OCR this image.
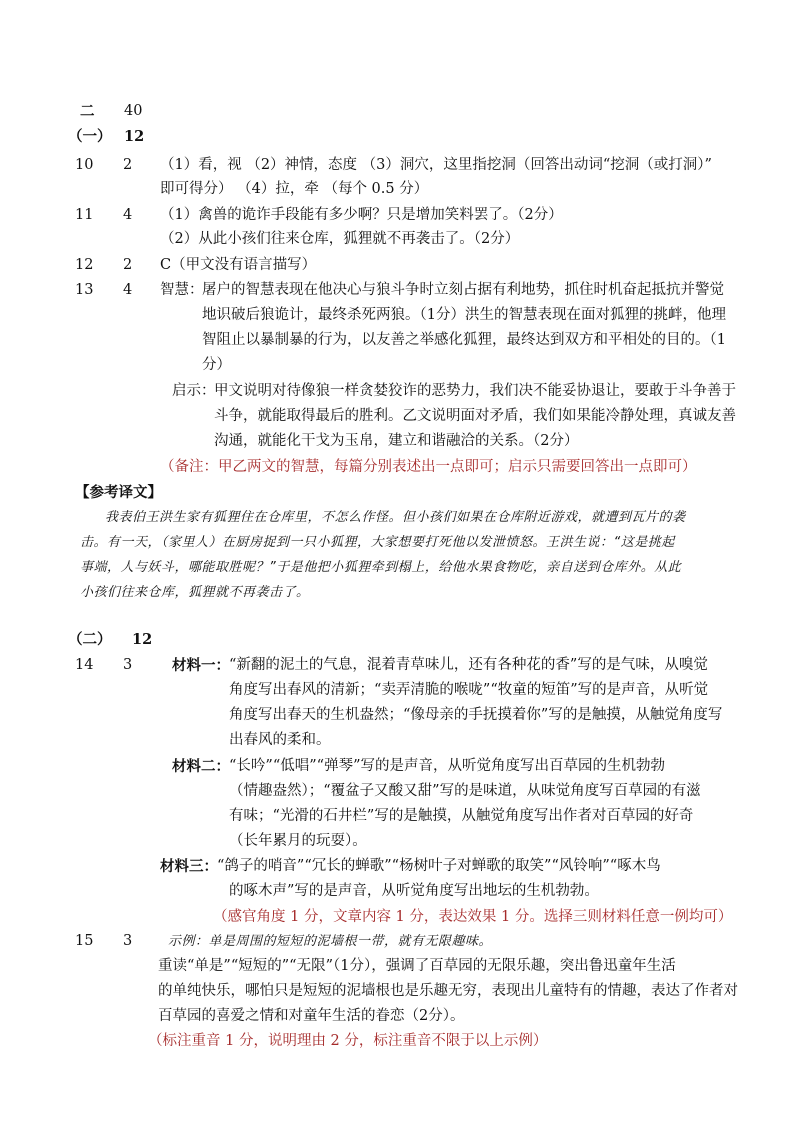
二 40
（一） 12
10 2 （1）看，视 （2）神情，态度 （3）洞穴，这里指挖洞（回答出动词“挖洞（或打洞）”
即可得分） （4）拉，牵 （每个 0.5 分）
11 4 （1）禽兽的诡诈手段能有多少啊？只是增加笑料罢了。（2分）
（2）从此小孩们往来仓库，狐狸就不再袭击了。（2分）
12 2 C（甲文没有语言描写）
13 4 智慧：
屠户的智慧表现在他决心与狼斗争时立刻占据有利地势，抓住时机奋起抵抗并警觉
地识破后狼诡计，最终杀死两狼。（1分）洪生的智慧表现在面对狐狸的挑衅，他理
智阻止以暴制暴的行为，以友善之举感化狐狸，最终达到双方和平相处的目的。（1
分）
启示：
甲文说明对待像狼一样贪婪狡诈的恶势力，我们决不能妥协退让，要敢于斗争善于
斗争，就能取得最后的胜利。乙文说明面对矛盾，我们如果能冷静处理，真诚友善
沟通，就能化干戈为玉帛，建立和谐融洽的关系。（2分）
（备注：甲乙两文的智慧，每篇分别表述出一点即可；启示只需要回答出一点即可）
【参考译文】
我表伯王洪生家有狐狸住在仓库里，不怎么作怪。但小孩们如果在仓库附近游戏，就遭到瓦片的袭
击。有一天，（家里人）在厨房捉到一只小狐狸，大家想要打死他以发泄愤怒。王洪生说：“这是挑起
事端，人与妖斗，哪能取胜呢？”于是他把小狐狸牵到榻上，给他水果食物吃，亲自送到仓库外。从此
小孩们往来仓库，狐狸就不再袭击了。
（二） 12
14 3	材料一： “新翻的泥土的气息，混着青草味儿，还有各种花的香”写的是气味，从嗅觉
角度写出春风的清新；“卖弄清脆的喉咙”“牧童的短笛”写的是声音，从听觉
角度写出春天的生机盎然；“像母亲的手抚摸着你”写的是触摸，从触觉角度写
出春风的柔和。
材料二： “长吟”“低唱”“弹琴”写的是声音，从听觉角度写出百草园的生机勃勃
（情趣盎然）；“覆盆子又酸又甜”写的是味道，从味觉角度写百草园的有滋
有味；“光滑的石井栏”写的是触摸，从触觉角度写出作者对百草园的好奇
（长年累月的玩耍）。
材料三： “鸽子的哨音”“冗长的蝉歌”“杨树叶子对蝉歌的取笑”“风铃响”“啄木鸟
的啄木声”写的是声音，从听觉角度写出地坛的生机勃勃。
（感官角度 1 分，文章内容 1 分，表达效果 1 分。选择三则材料任意一例均可）
15 3	示例：单是周围的短短的泥墙根一带，就有无限趣味。
重读“单是”“短短的”“无限”（1分），强调了百草园的无限乐趣，突出鲁迅童年生活
的单纯快乐，哪怕只是短短的泥墙根也是乐趣无穷，表现出儿童特有的情趣，表达了作者对
百草园的喜爱之情和对童年生活的眷恋（2分）。
（标注重音 1 分，说明理由 2 分，标注重音不限于以上示例）
